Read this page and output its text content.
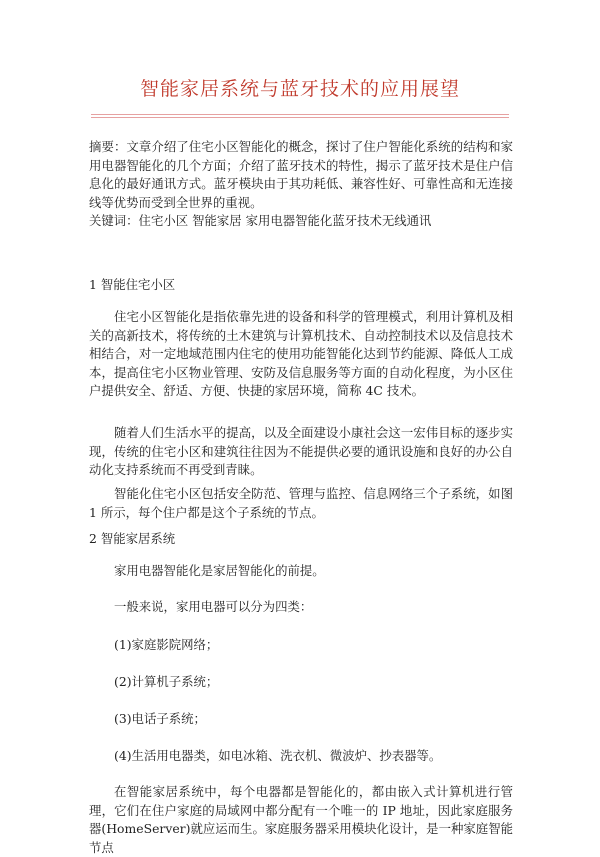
智能家居系统与蓝牙技术的应用展望

摘要：文章介绍了住宅小区智能化的概念，探讨了住户智能化系统的结构和家用电器智能化的几个方面；介绍了蓝牙技术的特性，揭示了蓝牙技术是住户信息化的最好通讯方式。蓝牙模块由于其功耗低、兼容性好、可靠性高和无连接线等优势而受到全世界的重视。

关键词：住宅小区 智能家居 家用电器智能化蓝牙技术无线通讯

1 智能住宅小区

住宅小区智能化是指依靠先进的设备和科学的管理模式，利用计算机及相关的高新技术，将传统的土木建筑与计算机技术、自动控制技术以及信息技术相结合，对一定地域范围内住宅的使用功能智能化达到节约能源、降低人工成本，提高住宅小区物业管理、安防及信息服务等方面的自动化程度，为小区住户提供安全、舒适、方便、快捷的家居环境，简称 4C 技术。

随着人们生活水平的提高，以及全面建设小康社会这一宏伟目标的逐步实现，传统的住宅小区和建筑往往因为不能提供必要的通讯设施和良好的办公自动化支持系统而不再受到青睐。

智能化住宅小区包括安全防范、管理与监控、信息网络三个子系统，如图 1 所示，每个住户都是这个子系统的节点。

2 智能家居系统

家用电器智能化是家居智能化的前提。

一般来说，家用电器可以分为四类：

(1)家庭影院网络；

(2)计算机子系统；

(3)电话子系统；

(4)生活用电器类，如电冰箱、洗衣机、微波炉、抄表器等。

在智能家居系统中，每个电器都是智能化的，都由嵌入式计算机进行管理，它们在住户家庭的局域网中都分配有一个唯一的 IP 地址，因此家庭服务器(HomeServer)就应运而生。家庭服务器采用模块化设计，是一种家庭智能节点
